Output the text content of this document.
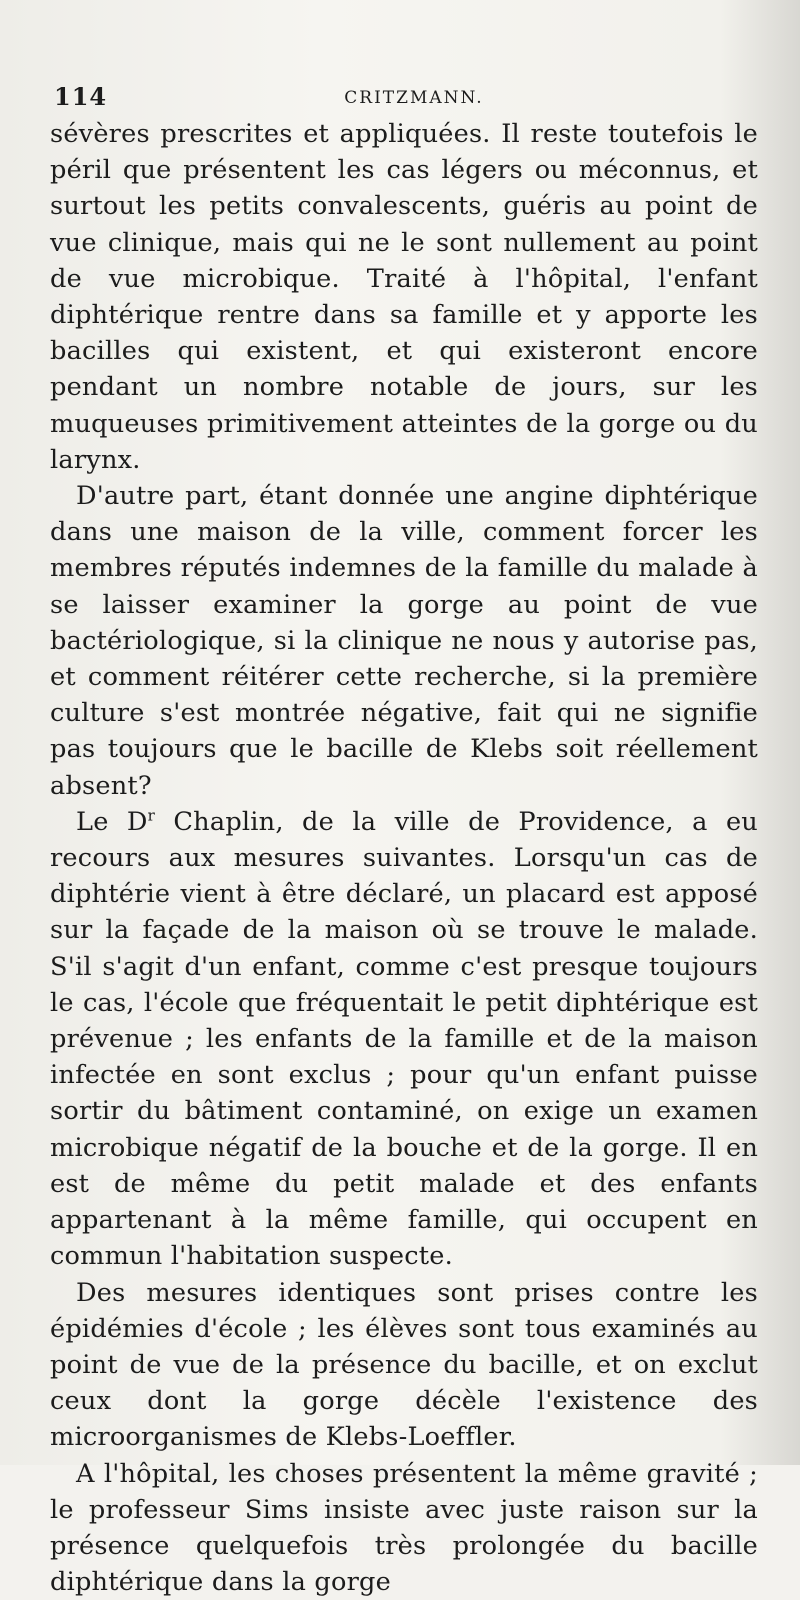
114	CRITZMANN.

sévères prescrites et appliquées. Il reste toutefois le péril que présentent les cas légers ou méconnus, et surtout les petits convalescents, guéris au point de vue clinique, mais qui ne le sont nullement au point de vue microbique. Traité à l'hôpital, l'enfant diphtérique rentre dans sa famille et y apporte les bacilles qui existent, et qui existeront encore pendant un nombre notable de jours, sur les muqueuses primitivement atteintes de la gorge ou du larynx.

D'autre part, étant donnée une angine diphtérique dans une maison de la ville, comment forcer les membres réputés indemnes de la famille du malade à se laisser examiner la gorge au point de vue bactériologique, si la clinique ne nous y autorise pas, et comment réitérer cette recherche, si la première culture s'est montrée négative, fait qui ne signifie pas toujours que le bacille de Klebs soit réellement absent?

Le $D^r$ Chaplin, de la ville de Providence, a eu recours aux mesures suivantes. Lorsqu'un cas de diphtérie vient à être déclaré, un placard est apposé sur la façade de la maison où se trouve le malade. S'il s'agit d'un enfant, comme c'est presque toujours le cas, l'école que fréquentait le petit diphtérique est prévenue ; les enfants de la famille et de la maison infectée en sont exclus ; pour qu'un enfant puisse sortir du bâtiment contaminé, on exige un examen microbique négatif de la bouche et de la gorge. Il en est de même du petit malade et des enfants appartenant à la même famille, qui occupent en commun l'habitation suspecte.

Des mesures identiques sont prises contre les épidémies d'école ; les élèves sont tous examinés au point de vue de la présence du bacille, et on exclut ceux dont la gorge décèle l'existence des microorganismes de Klebs-Loeffler.

A l'hôpital, les choses présentent la même gravité ; le professeur Sims insiste avec juste raison sur la présence quelquefois très prolongée du bacille diphtérique dans la gorge
